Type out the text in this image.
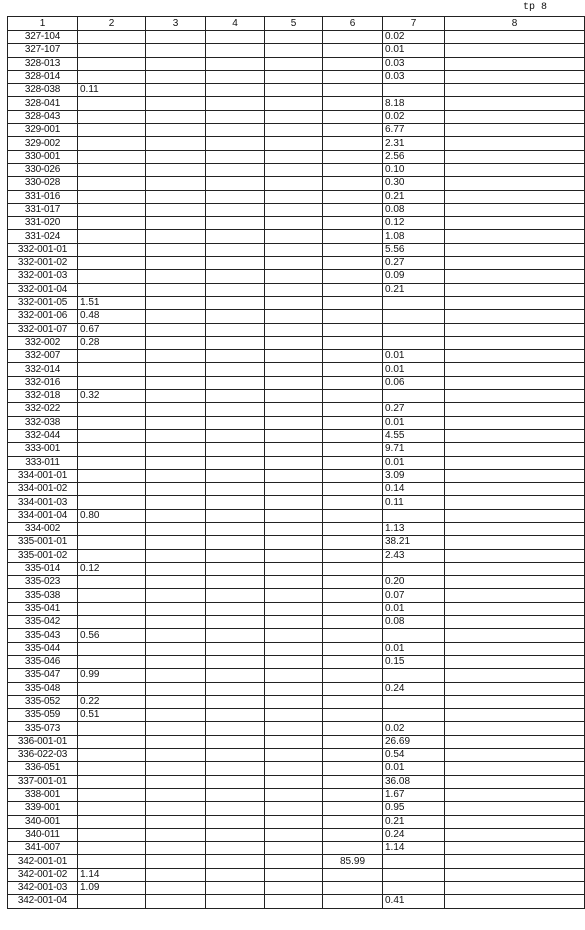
tp 8
1	2	3	4	5	6	7	8
327-104						0.02	
327-107						0.01	
328-013						0.03	
328-014						0.03	
328-038	0.11						
328-041						8.18	
328-043						0.02	
329-001						6.77	
329-002						2.31	
330-001						2.56	
330-026						0.10	
330-028						0.30	
331-016						0.21	
331-017						0.08	
331-020						0.12	
331-024						1.08	
332-001-01						5.56	
332-001-02						0.27	
332-001-03						0.09	
332-001-04						0.21	
332-001-05	1.51						
332-001-06	0.48						
332-001-07	0.67						
332-002	0.28						
332-007						0.01	
332-014						0.01	
332-016						0.06	
332-018	0.32						
332-022						0.27	
332-038						0.01	
332-044						4.55	
333-001						9.71	
333-011						0.01	
334-001-01						3.09	
334-001-02						0.14	
334-001-03						0.11	
334-001-04	0.80						
334-002						1.13	
335-001-01						38.21	
335-001-02						2.43	
335-014	0.12						
335-023						0.20	
335-038						0.07	
335-041						0.01	
335-042						0.08	
335-043	0.56						
335-044						0.01	
335-046						0.15	
335-047	0.99						
335-048						0.24	
335-052	0.22						
335-059	0.51						
335-073						0.02	
336-001-01						26.69	
336-022-03						0.54	
336-051						0.01	
337-001-01						36.08	
338-001						1.67	
339-001						0.95	
340-001						0.21	
340-011						0.24	
341-007						1.14	
342-001-01					85.99		
342-001-02	1.14						
342-001-03	1.09						
342-001-04						0.41	
